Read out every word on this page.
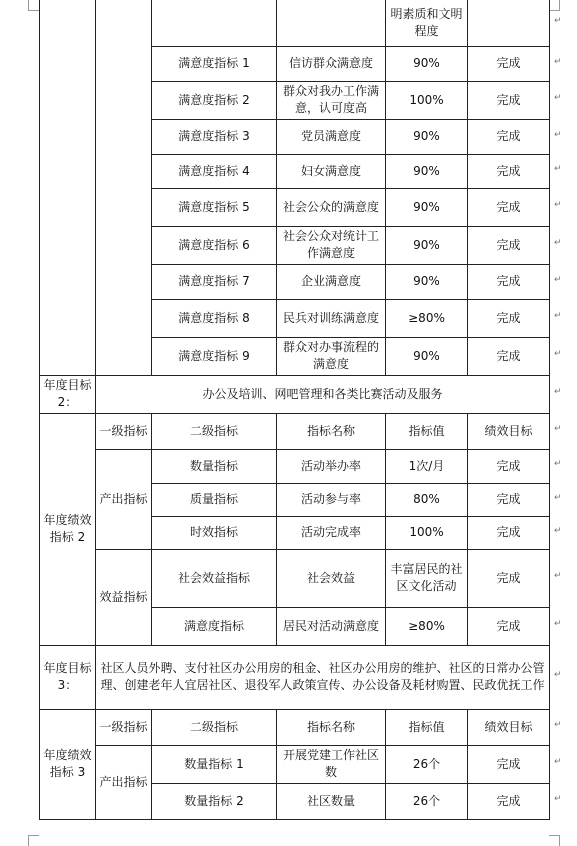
				明素质和文明程度	
		满意度指标 1	信访群众满意度	90%	完成
		满意度指标 2	群众对我办工作满意，认可度高	100%	完成
		满意度指标 3	党员满意度	90%	完成
		满意度指标 4	妇女满意度	90%	完成
		满意度指标 5	社会公众的满意度	90%	完成
		满意度指标 6	社会公众对统计工作满意度	90%	完成
		满意度指标 7	企业满意度	90%	完成
		满意度指标 8	民兵对训练满意度	≥80%	完成
		满意度指标 9	群众对办事流程的满意度	90%	完成
年度目标 2：	办公及培训、网吧管理和各类比赛活动及服务				
年度绩效指标 2	一级指标	二级指标	指标名称	指标值	绩效目标
	产出指标	数量指标	活动举办率	1次/月	完成
		质量指标	活动参与率	80%	完成
		时效指标	活动完成率	100%	完成
	效益指标	社会效益指标	社会效益	丰富居民的社区文化活动	完成
		满意度指标	居民对活动满意度	≥80%	完成
年度目标 3：	社区人员外聘、支付社区办公用房的租金、社区办公用房的维护、社区的日常办公管理、创建老年人宜居社区、退役军人政策宣传、办公设备及耗材购置、民政优抚工作				
年度绩效指标 3	一级指标	二级指标	指标名称	指标值	绩效目标
	产出指标	数量指标 1	开展党建工作社区数	26个	完成
		数量指标 2	社区数量	26个	完成
↵
↵
↵
↵
↵
↵
↵
↵
↵
↵
↵
↵
↵
↵
↵
↵
↵
↵
↵
↵
↵
